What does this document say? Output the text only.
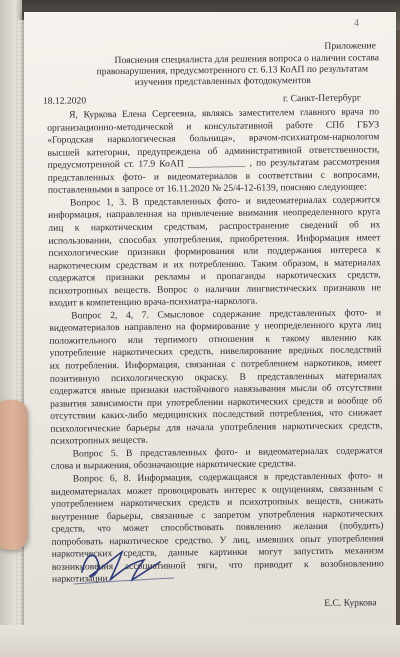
4
Приложение
Пояснения специалиста для решения вопроса о наличии состава
правонарушения, предусмотренного ст. 6.13 КоАП по результатам
изучения представленных фотодокументов
18.12.2020	г. Санкт-Петербург
Я, Куркова Елена Сергеевна, являясь заместителем главного врача по
организационно-методической и консультативной работе СПб ГБУЗ
«Городская наркологическая больница», врачом-психиатром-наркологом
высшей категории, предупреждена об административной ответственности,
предусмотренной ст. 17.9 КоАП ____________ , по результатам рассмотрения
представленных фото- и видеоматериалов в соответствии с вопросами,
поставленными в запросе от 16.11.2020 № 25/4-12-6139, поясняю следующее:
Вопрос 1, 3. В представленных фото- и видеоматериалах содержится
информация, направленная на привлечение внимания неопределенного круга
лиц к наркотическим средствам, распространение сведений об их
использовании, способах употребления, приобретения. Информация имеет
психологические признаки формирования или поддержания интереса к
наркотическим средствам и их потреблению. Таким образом, в материалах
содержатся признаки рекламы и пропаганды наркотических средств,
психотропных веществ. Вопрос о наличии лингвистических признаков не
входит в компетенцию врача-психиатра-нарколога.
Вопрос 2, 4, 7. Смысловое содержание представленных фото- и
видеоматериалов направлено на формирование у неопределенного круга лиц
положительного или терпимого отношения к такому явлению как
употребление наркотических средств, нивелирование вредных последствий
их потребления. Информация, связанная с потреблением наркотиков, имеет
позитивную психологическую окраску. В представленных материалах
содержатся явные признаки настойчивого навязывания мысли об отсутствии
развития зависимости при употреблении наркотических средств и вообще об
отсутствии каких-либо медицинских последствий потребления, что снижает
психологические барьеры для начала употребления наркотических средств,
психотропных веществ.
Вопрос 5. В представленных фото- и видеоматериалах содержатся
слова и выражения, обозначающие наркотические средства.
Вопрос 6, 8. Информация, содержащаяся в представленных фото- и
видеоматериалах может провоцировать интерес к ощущениям, связанным с
употреблением наркотических средств и психотропных веществ, снижать
внутренние барьеры, связанные с запретом употребления наркотических
средств, что может способствовать появлению желания (побудить)
попробовать наркотическое средство. У лиц, имевших опыт употребления
наркотических средств, данные картинки могут запустить механизм
возникновения ассоциативной тяги, что приводит к возобновлению
наркотизации.
Е.С. Куркова
